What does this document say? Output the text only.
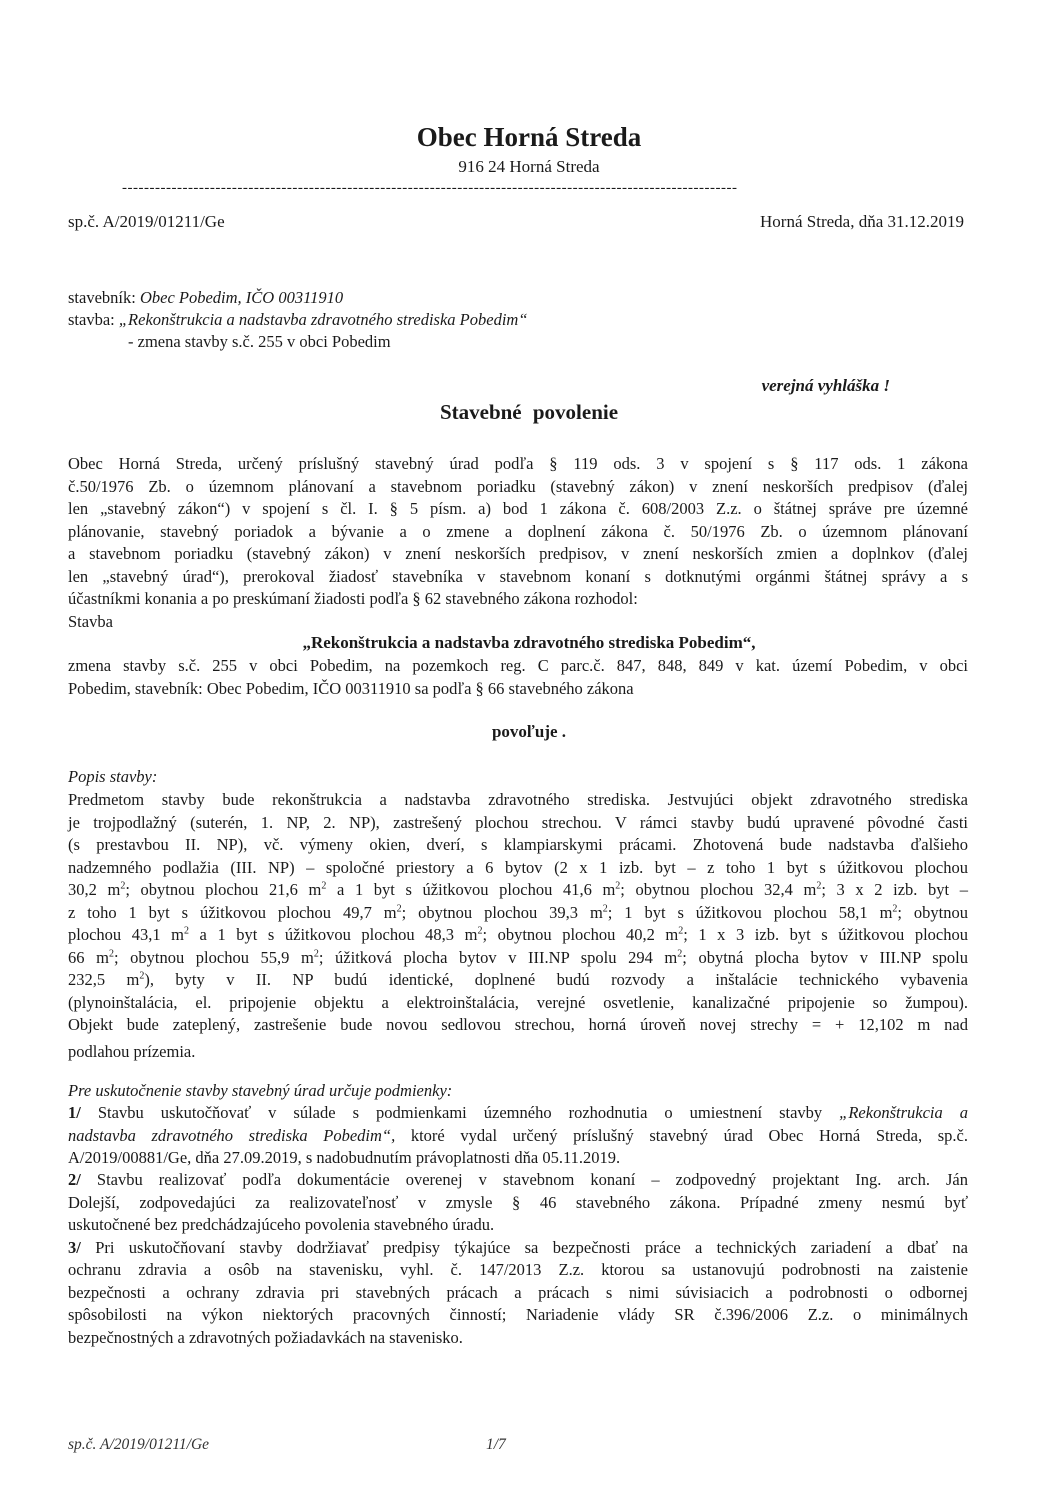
Obec Horná Streda
916 24 Horná Streda
----------------------------------------------------------------------------------------------------------------
sp.č. A/2019/01211/Ge	Horná Streda, dňa 31.12.2019
stavebník: Obec Pobedim, IČO 00311910
stavba: „Rekonštrukcia a nadstavba zdravotného strediska Pobedim“
- zmena stavby s.č. 255 v obci Pobedim
verejná vyhláška !
Stavebné povolenie
Obec Horná Streda, určený príslušný stavebný úrad podľa § 119 ods. 3 v spojení s § 117 ods. 1 zákona
č.50/1976 Zb. o územnom plánovaní a stavebnom poriadku (stavebný zákon) v znení neskorších predpisov (ďalej
len „stavebný zákon“) v spojení s čl. I. § 5 písm. a) bod 1 zákona č. 608/2003 Z.z. o štátnej správe pre územné
plánovanie, stavebný poriadok a bývanie a o zmene a doplnení zákona č. 50/1976 Zb. o územnom plánovaní
a stavebnom poriadku (stavebný zákon) v znení neskorších predpisov, v znení neskorších zmien a doplnkov (ďalej
len „stavebný úrad“), prerokoval žiadosť stavebníka v stavebnom konaní s dotknutými orgánmi štátnej správy a s
účastníkmi konania a po preskúmaní žiadosti podľa § 62 stavebného zákona rozhodol:
Stavba
„Rekonštrukcia a nadstavba zdravotného strediska Pobedim“,
zmena stavby s.č. 255 v obci Pobedim, na pozemkoch reg. C parc.č. 847, 848, 849 v kat. území Pobedim, v obci
Pobedim, stavebník: Obec Pobedim, IČO 00311910 sa podľa § 66 stavebného zákona
povoľuje .
Popis stavby:
Predmetom stavby bude rekonštrukcia a nadstavba zdravotného strediska. Jestvujúci objekt zdravotného strediska
je trojpodlažný (suterén, 1. NP, 2. NP), zastrešený plochou strechou. V rámci stavby budú upravené pôvodné časti
(s prestavbou II. NP), vč. výmeny okien, dverí, s klampiarskymi prácami. Zhotovená bude nadstavba ďalšieho
nadzemného podlažia (III. NP) – spoločné priestory a 6 bytov (2 x 1 izb. byt – z toho 1 byt s úžitkovou plochou
30,2 $m^2$; obytnou plochou 21,6 $m^2$ a 1 byt s úžitkovou plochou 41,6 $m^2$; obytnou plochou 32,4 $m^2$; 3 x 2 izb. byt –
z toho 1 byt s úžitkovou plochou 49,7 $m^2$; obytnou plochou 39,3 $m^2$; 1 byt s úžitkovou plochou 58,1 $m^2$; obytnou
plochou 43,1 $m^2$ a 1 byt s úžitkovou plochou 48,3 $m^2$; obytnou plochou 40,2 $m^2$; 1 x 3 izb. byt s úžitkovou plochou
66 $m^2$; obytnou plochou 55,9 $m^2$; úžitková plocha bytov v III.NP spolu 294 $m^2$; obytná plocha bytov v III.NP spolu
232,5 $m^2$), byty v II. NP budú identické, doplnené budú rozvody a inštalácie technického vybavenia
(plynoinštalácia, el. pripojenie objektu a elektroinštalácia, verejné osvetlenie, kanalizačné pripojenie so žumpou).
Objekt bude zateplený, zastrešenie bude novou sedlovou strechou, horná úroveň novej strechy = + 12,102 m nad
podlahou prízemia.
Pre uskutočnenie stavby stavebný úrad určuje podmienky:
1/ Stavbu uskutočňovať v súlade s podmienkami územného rozhodnutia o umiestnení stavby „Rekonštrukcia a
nadstavba zdravotného strediska Pobedim“, ktoré vydal určený príslušný stavebný úrad Obec Horná Streda, sp.č.
A/2019/00881/Ge, dňa 27.09.2019, s nadobudnutím právoplatnosti dňa 05.11.2019.
2/ Stavbu realizovať podľa dokumentácie overenej v stavebnom konaní – zodpovedný projektant Ing. arch. Ján
Dolejší, zodpovedajúci za realizovateľnosť v zmysle § 46 stavebného zákona. Prípadné zmeny nesmú byť
uskutočnené bez predchádzajúceho povolenia stavebného úradu.
3/ Pri uskutočňovaní stavby dodržiavať predpisy týkajúce sa bezpečnosti práce a technických zariadení a dbať na
ochranu zdravia a osôb na stavenisku, vyhl. č. 147/2013 Z.z. ktorou sa ustanovujú podrobnosti na zaistenie
bezpečnosti a ochrany zdravia pri stavebných prácach a prácach s nimi súvisiacich a podrobnosti o odbornej
spôsobilosti na výkon niektorých pracovných činností; Nariadenie vlády SR č.396/2006 Z.z. o minimálnych
bezpečnostných a zdravotných požiadavkách na stavenisko.
sp.č. A/2019/01211/Ge	1/7
